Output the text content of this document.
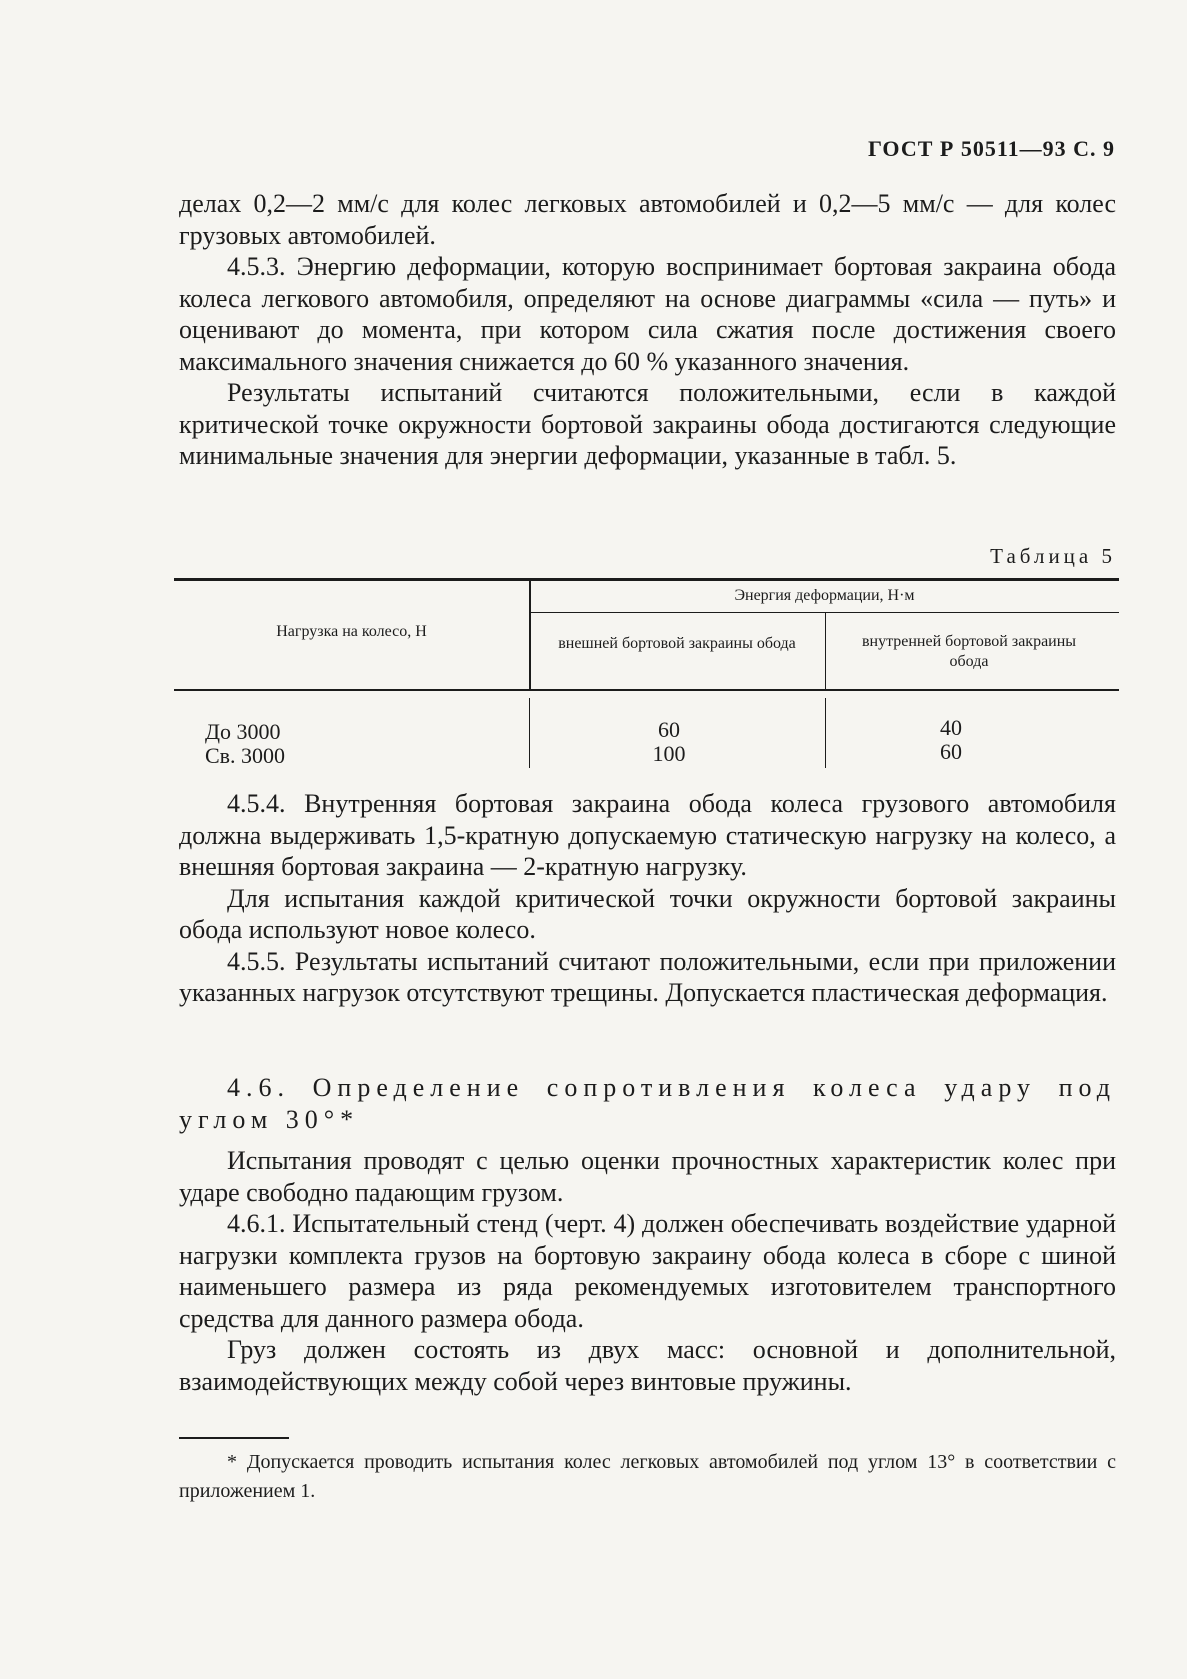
ГОСТ Р 50511—93 С. 9

делах 0,2—2 мм/с для колес легковых автомобилей и 0,2—5 мм/с — для колес грузовых автомобилей.

4.5.3. Энергию деформации, которую воспринимает бортовая закраина обода колеса легкового автомобиля, определяют на основе диаграммы «сила — путь» и оценивают до момента, при котором сила сжатия после достижения своего максимального значения снижается до 60 % указанного значения.

Результаты испытаний считаются положительными, если в каждой критической точке окружности бортовой закраины обода достигаются следующие минимальные значения для энергии деформации, указанные в табл. 5.

Таблица 5
Нагрузка на колесо, Н
Энергия деформации, Н·м
внешней бортовой закраины обода	внутренней бортовой закраины обода
До 3000
Св. 3000
60
100
40
60

4.5.4. Внутренняя бортовая закраина обода колеса грузового автомобиля должна выдерживать 1,5-кратную допускаемую статическую нагрузку на колесо, а внешняя бортовая закраина — 2-кратную нагрузку.

Для испытания каждой критической точки окружности бортовой закраины обода используют новое колесо.

4.5.5. Результаты испытаний считают положительными, если при приложении указанных нагрузок отсутствуют трещины. Допускается пластическая деформация.

4.6. Определение сопротивления колеса удару под углом 30°*

Испытания проводят с целью оценки прочностных характеристик колес при ударе свободно падающим грузом.

4.6.1. Испытательный стенд (черт. 4) должен обеспечивать воздействие ударной нагрузки комплекта грузов на бортовую закраину обода колеса в сборе с шиной наименьшего размера из ряда рекомендуемых изготовителем транспортного средства для данного размера обода.

Груз должен состоять из двух масс: основной и дополнительной, взаимодействующих между собой через винтовые пружины.

* Допускается проводить испытания колес легковых автомобилей под углом 13° в соответствии с приложением 1.
